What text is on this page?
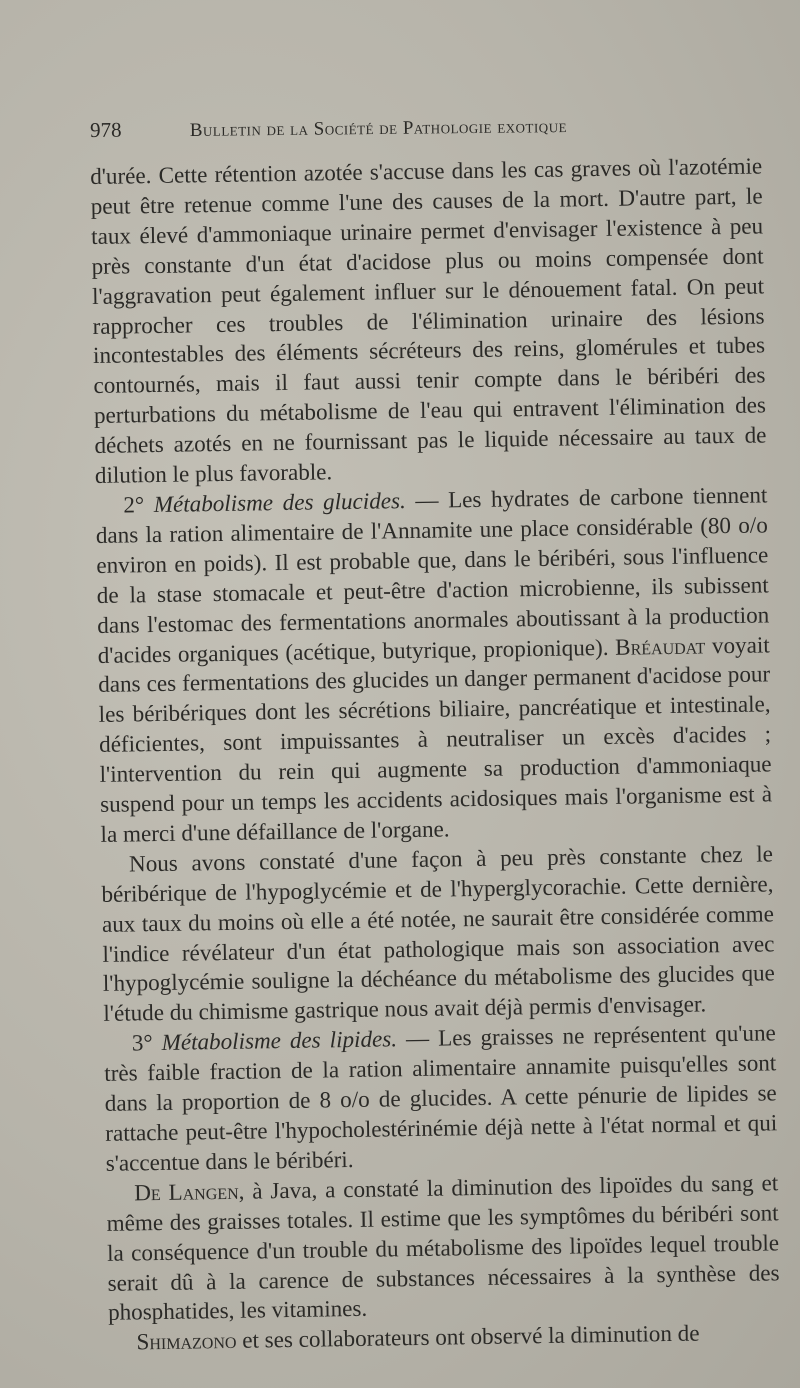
978	Bulletin de la Société de Pathologie exotique

d'urée. Cette rétention azotée s'accuse dans les cas graves où l'azotémie peut être retenue comme l'une des causes de la mort. D'autre part, le taux élevé d'ammoniaque urinaire permet d'envisager l'existence à peu près constante d'un état d'acidose plus ou moins compensée dont l'aggravation peut également influer sur le dénouement fatal. On peut rapprocher ces troubles de l'élimination urinaire des lésions incontestables des éléments sécréteurs des reins, glomérules et tubes contournés, mais il faut aussi tenir compte dans le béribéri des perturbations du métabolisme de l'eau qui entravent l'élimination des déchets azotés en ne fournissant pas le liquide nécessaire au taux de dilution le plus favorable.

2° Métabolisme des glucides. — Les hydrates de carbone tiennent dans la ration alimentaire de l'Annamite une place considérable (80 o/o environ en poids). Il est probable que, dans le béribéri, sous l'influence de la stase stomacale et peut-être d'action microbienne, ils subissent dans l'estomac des fermentations anormales aboutissant à la production d'acides organiques (acétique, butyrique, propionique). Bréaudat voyait dans ces fermentations des glucides un danger permanent d'acidose pour les béribériques dont les sécrétions biliaire, pancréatique et intestinale, déficientes, sont impuissantes à neutraliser un excès d'acides ; l'intervention du rein qui augmente sa production d'ammoniaque suspend pour un temps les accidents acidosiques mais l'organisme est à la merci d'une défaillance de l'organe.

Nous avons constaté d'une façon à peu près constante chez le béribérique de l'hypoglycémie et de l'hyperglycorachie. Cette dernière, aux taux du moins où elle a été notée, ne saurait être considérée comme l'indice révélateur d'un état pathologique mais son association avec l'hypoglycémie souligne la déchéance du métabolisme des glucides que l'étude du chimisme gastrique nous avait déjà permis d'envisager.

3° Métabolisme des lipides. — Les graisses ne représentent qu'une très faible fraction de la ration alimentaire annamite puisqu'elles sont dans la proportion de 8 o/o de glucides. A cette pénurie de lipides se rattache peut-être l'hypocholestérinémie déjà nette à l'état normal et qui s'accentue dans le béribéri.

De Langen, à Java, a constaté la diminution des lipoïdes du sang et même des graisses totales. Il estime que les symptômes du béribéri sont la conséquence d'un trouble du métabolisme des lipoïdes lequel trouble serait dû à la carence de substances nécessaires à la synthèse des phosphatides, les vitamines.

Shimazono et ses collaborateurs ont observé la diminution de
